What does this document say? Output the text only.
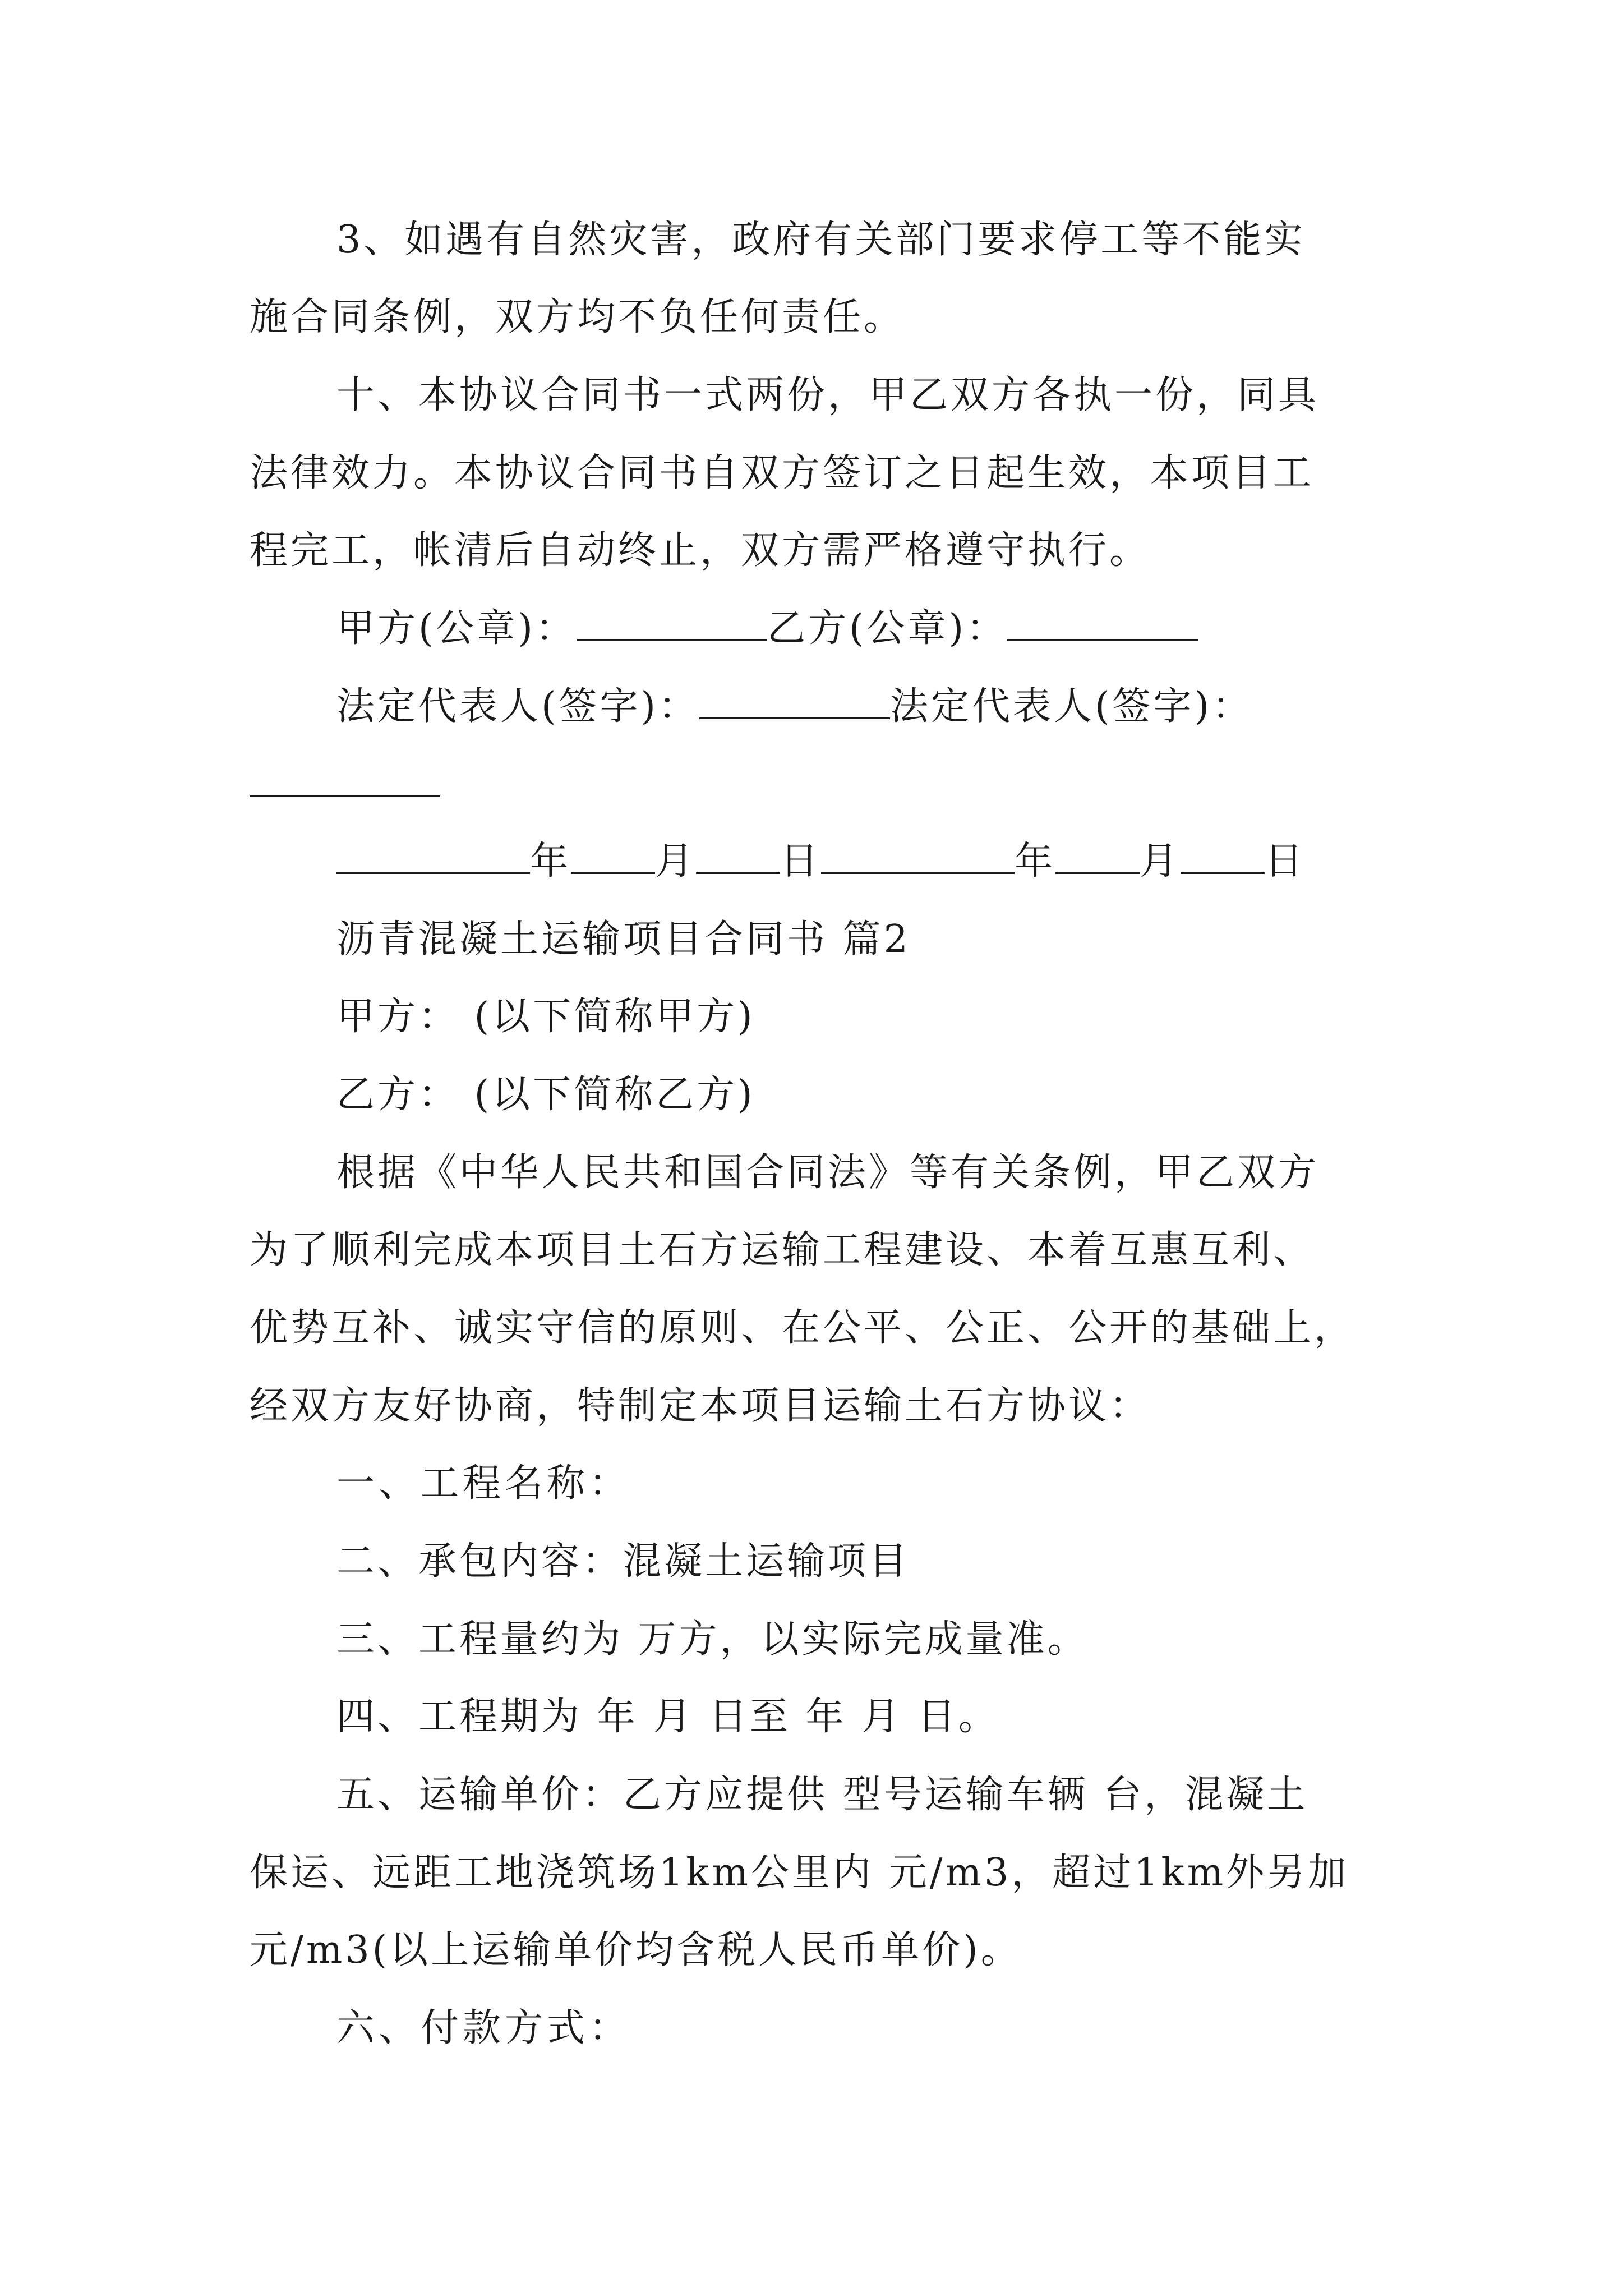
3、如遇有自然灾害，政府有关部门要求停工等不能实
施合同条例，双方均不负任何责任。
十、本协议合同书一式两份，甲乙双方各执一份，同具
法律效力。本协议合同书自双方签订之日起生效，本项目工
程完工，帐清后自动终止，双方需严格遵守执行。
甲方(公章)：	乙方(公章)：
法定代表人(签字)：	法定代表人(签字)：
年 月 日	年 月 日
沥青混凝土运输项目合同书 篇2
甲方： (以下简称甲方)
乙方： (以下简称乙方)
根据《中华人民共和国合同法》等有关条例，甲乙双方
为了顺利完成本项目土石方运输工程建设、本着互惠互利、
优势互补、诚实守信的原则、在公平、公正、公开的基础上，
经双方友好协商，特制定本项目运输土石方协议：
一、工程名称：
二、承包内容：混凝土运输项目
三、工程量约为 万方，以实际完成量准。
四、工程期为 年 月 日至 年 月 日。
五、运输单价：乙方应提供 型号运输车辆 台，混凝土
保运、远距工地浇筑场1km公里内 元/m3，超过1km外另加
元/m3(以上运输单价均含税人民币单价)。
六、付款方式：
